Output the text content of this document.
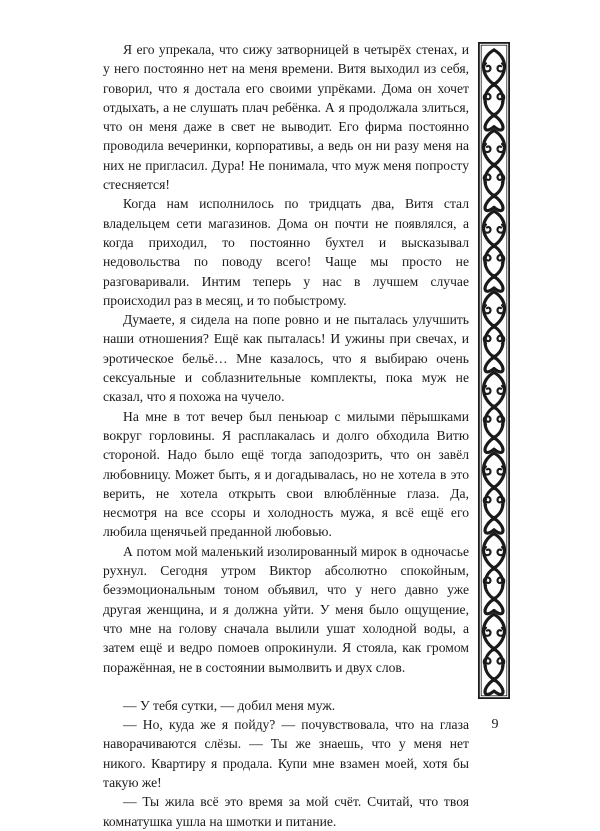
Я его упрекала, что сижу затворницей в четырёх стенах, и у него постоянно нет на меня времени. Витя выходил из себя, говорил, что я достала его своими упрёками. Дома он хочет отдыхать, а не слушать плач ребёнка. А я продолжала злиться, что он меня даже в свет не выводит. Его фирма постоянно проводила вечеринки, корпоративы, а ведь он ни разу меня на них не пригласил. Дура! Не понимала, что муж меня попросту стесняется!

Когда нам исполнилось по тридцать два, Витя стал владельцем сети магазинов. Дома он почти не появлялся, а когда приходил, то постоянно бухтел и высказывал недовольства по поводу всего! Чаще мы просто не разговаривали. Интим теперь у нас в лучшем случае происходил раз в месяц, и то побыстрому.

Думаете, я сидела на попе ровно и не пыталась улучшить наши отношения? Ещё как пыталась! И ужины при свечах, и эротическое бельё… Мне казалось, что я выбираю очень сексуальные и соблазнительные комплекты, пока муж не сказал, что я похожа на чучело.

На мне в тот вечер был пеньюар с милыми пёрышками вокруг горловины. Я расплакалась и долго обходила Витю стороной. Надо было ещё тогда заподозрить, что он завёл любовницу. Может быть, я и догадывалась, но не хотела в это верить, не хотела открыть свои влюблённые глаза. Да, несмотря на все ссоры и холодность мужа, я всё ещё его любила щенячьей преданной любовью.

А потом мой маленький изолированный мирок в одночасье рухнул. Сегодня утром Виктор абсолютно спокойным, безэмоциональным тоном объявил, что у него давно уже другая женщина, и я должна уйти. У меня было ощущение, что мне на голову сначала вылили ушат холодной воды, а затем ещё и ведро помоев опрокинули. Я стояла, как громом поражённая, не в состоянии вымолвить и двух слов.

— У тебя сутки, — добил меня муж.

— Но, куда же я пойду? — почувствовала, что на глаза наворачиваются слёзы. — Ты же знаешь, что у меня нет никого. Квартиру я продала. Купи мне взамен моей, хотя бы такую же!

— Ты жила всё это время за мой счёт. Считай, что твоя комнатушка ушла на шмотки и питание.

9
